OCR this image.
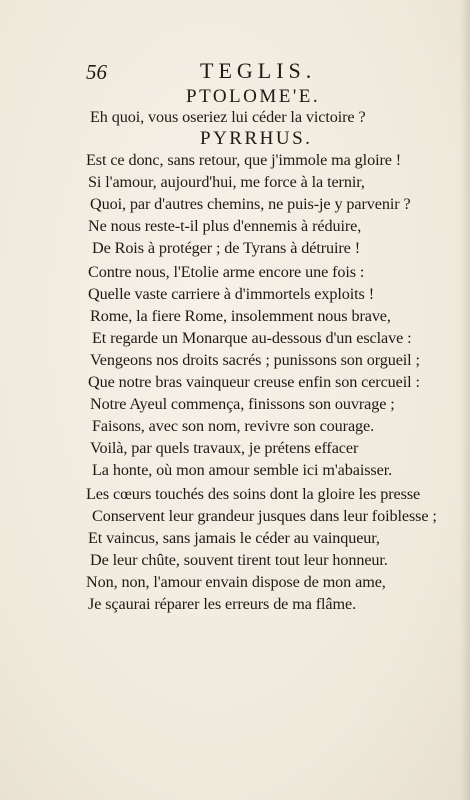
56	TEGLIS.
PTOLOME'E.
Eh quoi, vous oseriez lui céder la victoire ?
PYRRHUS.
Est ce donc, sans retour, que j'immole ma gloire !
Si l'amour, aujourd'hui, me force à la ternir,
Quoi, par d'autres chemins, ne puis-je y parvenir ?
Ne nous reste-t-il plus d'ennemis à réduire,
De Rois à protéger ; de Tyrans à détruire !
Contre nous, l'Etolie arme encore une fois :
Quelle vaste carriere à d'immortels exploits !
Rome, la fiere Rome, insolemment nous brave,
Et regarde un Monarque au-dessous d'un esclave :
Vengeons nos droits sacrés ; punissons son orgueil ;
Que notre bras vainqueur creuse enfin son cercueil :
Notre Ayeul commença, finissons son ouvrage ;
Faisons, avec son nom, revivre son courage.
Voilà, par quels travaux, je prétens effacer
La honte, où mon amour semble ici m'abaisser.
Les cœurs touchés des soins dont la gloire les presse
Conservent leur grandeur jusques dans leur foiblesse ;
Et vaincus, sans jamais le céder au vainqueur,
De leur chûte, souvent tirent tout leur honneur.
Non, non, l'amour envain dispose de mon ame,
Je sçaurai réparer les erreurs de ma flâme.
